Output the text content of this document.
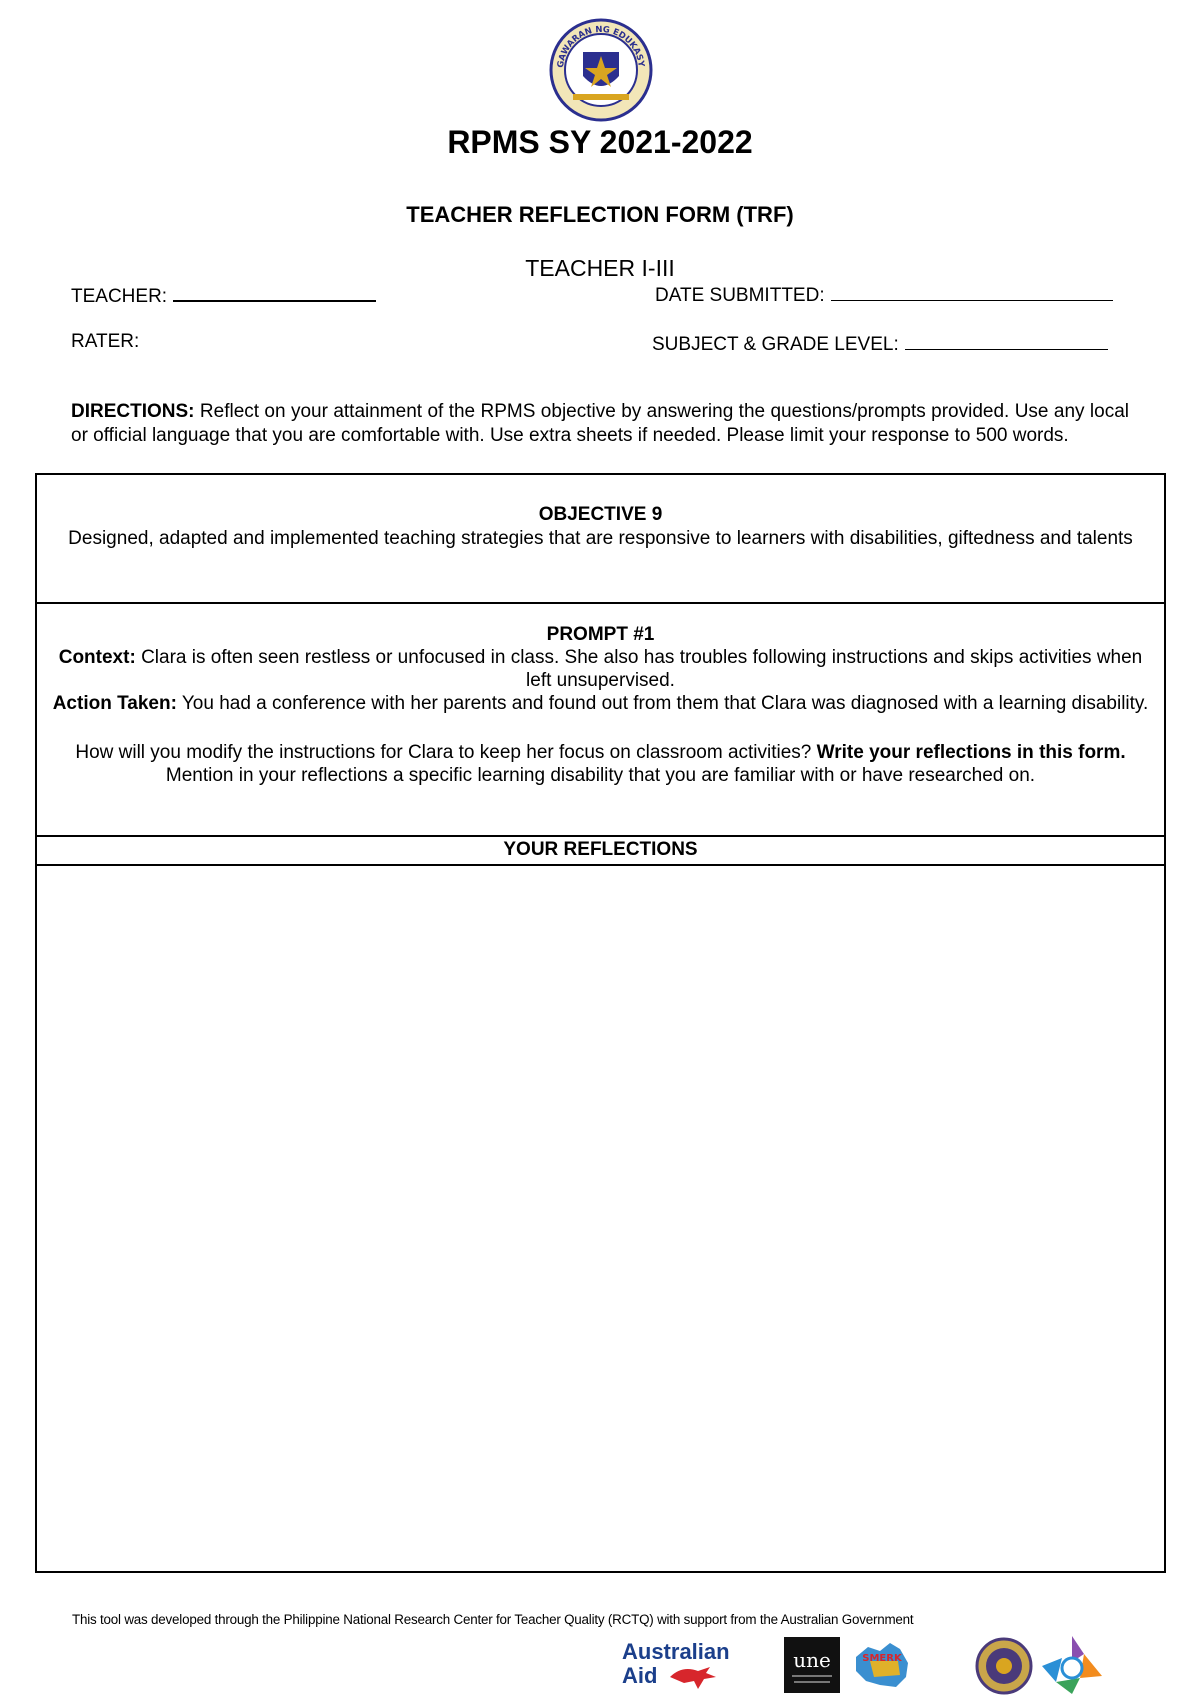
GAWARAN NG EDUKASY
RPMS SY 2021-2022
TEACHER REFLECTION FORM (TRF)
TEACHER I-III
TEACHER:	DATE SUBMITTED:
RATER:	SUBJECT & GRADE LEVEL:
DIRECTIONS: Reflect on your attainment of the RPMS objective by answering the questions/prompts provided. Use any local or official language that you are comfortable with. Use extra sheets if needed. Please limit your response to 500 words.
OBJECTIVE 9
Designed, adapted and implemented teaching strategies that are responsive to learners with disabilities, giftedness and talents
PROMPT #1

Context: Clara is often seen restless or unfocused in class. She also has troubles following instructions and skips activities when left unsupervised.

Action Taken: You had a conference with her parents and found out from them that Clara was diagnosed with a learning disability.

How will you modify the instructions for Clara to keep her focus on classroom activities? Write your reflections in this form. Mention in your reflections a specific learning disability that you are familiar with or have researched on.

YOUR REFLECTIONS
This tool was developed through the Philippine National Research Center for Teacher Quality (RCTQ) with support from the Australian Government
Australian
Aid
une	SMERK
